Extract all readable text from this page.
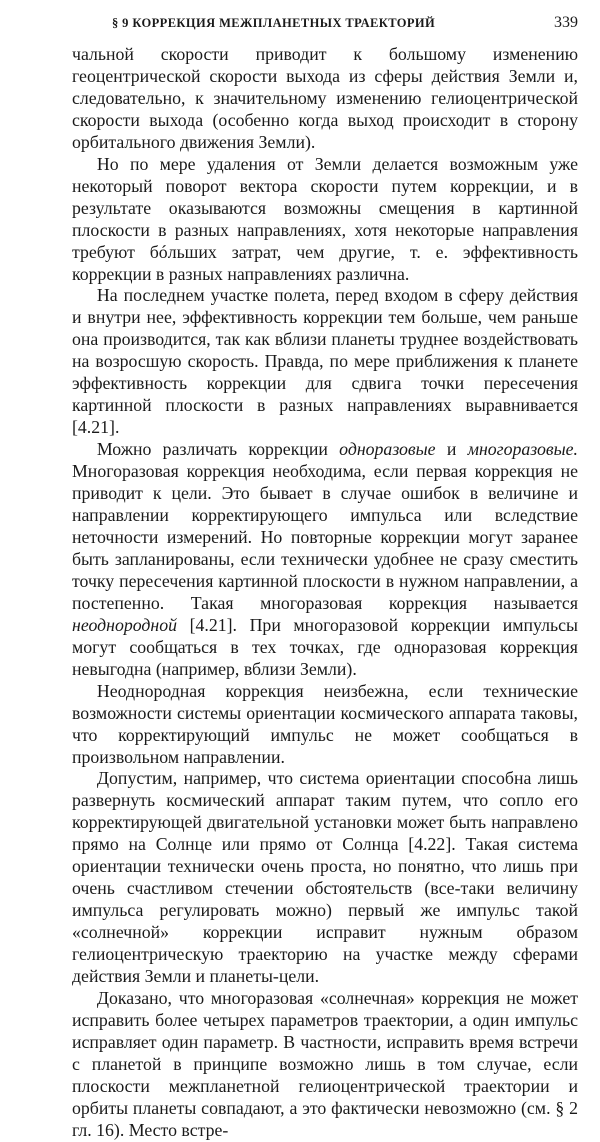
§ 9 КОРРЕКЦИЯ МЕЖПЛАНЕТНЫХ ТРАЕКТОРИЙ	339

чальной скорости приводит к большому изменению геоцентрической скорости выхода из сферы действия Земли и, следовательно, к значительному изменению гелиоцентрической скорости выхода (особенно когда выход происходит в сторону орбитального движения Земли).

Но по мере удаления от Земли делается возможным уже некоторый поворот вектора скорости путем коррекции, и в результате оказываются возможны смещения в картинной плоскости в разных направлениях, хотя некоторые направления требуют бóльших затрат, чем другие, т. е. эффективность коррекции в разных направлениях различна.

На последнем участке полета, перед входом в сферу действия и внутри нее, эффективность коррекции тем больше, чем раньше она производится, так как вблизи планеты труднее воздействовать на возросшую скорость. Правда, по мере приближения к планете эффективность коррекции для сдвига точки пересечения картинной плоскости в разных направлениях выравнивается [4.21].

Можно различать коррекции одноразовые и многоразовые. Многоразовая коррекция необходима, если первая коррекция не приводит к цели. Это бывает в случае ошибок в величине и направлении корректирующего импульса или вследствие неточности измерений. Но повторные коррекции могут заранее быть запланированы, если технически удобнее не сразу сместить точку пересечения картинной плоскости в нужном направлении, а постепенно. Такая многоразовая коррекция называется неоднородной [4.21]. При многоразовой коррекции импульсы могут сообщаться в тех точках, где одноразовая коррекция невыгодна (например, вблизи Земли).

Неоднородная коррекция неизбежна, если технические возможности системы ориентации космического аппарата таковы, что корректирующий импульс не может сообщаться в произвольном направлении.

Допустим, например, что система ориентации способна лишь развернуть космический аппарат таким путем, что сопло его корректирующей двигательной установки может быть направлено прямо на Солнце или прямо от Солнца [4.22]. Такая система ориентации технически очень проста, но понятно, что лишь при очень счастливом стечении обстоятельств (все-таки величину импульса регулировать можно) первый же импульс такой «солнечной» коррекции исправит нужным образом гелиоцентрическую траекторию на участке между сферами действия Земли и планеты-цели.

Доказано, что многоразовая «солнечная» коррекция не может исправить более четырех параметров траектории, а один импульс исправляет один параметр. В частности, исправить время встречи с планетой в принципе возможно лишь в том случае, если плоскости межпланетной гелиоцентрической траектории и орбиты планеты совпадают, а это фактически невозможно (см. § 2 гл. 16). Место встре-
